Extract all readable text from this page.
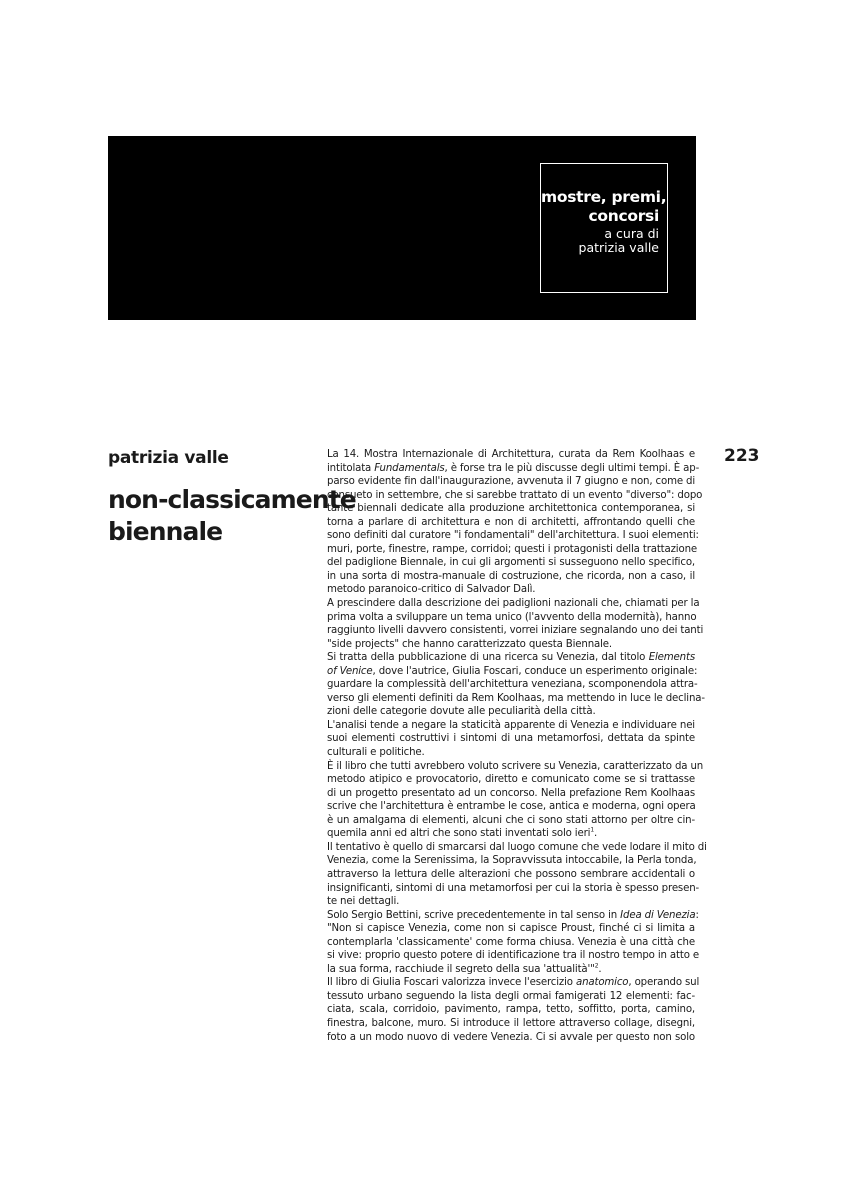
mostre, premi,
concorsi
a cura di
patrizia valle
patrizia valle
non-classicamente
biennale
223
La 14. Mostra Internazionale di Architettura, curata da Rem Koolhaas e
intitolata Fundamentals, è forse tra le più discusse degli ultimi tempi. È ap-
parso evidente fin dall'inaugurazione, avvenuta il 7 giugno e non, come di
consueto in settembre, che si sarebbe trattato di un evento "diverso": dopo
tante biennali dedicate alla produzione architettonica contemporanea, si
torna a parlare di architettura e non di architetti, affrontando quelli che
sono definiti dal curatore "i fondamentali" dell'architettura. I suoi elementi:
muri, porte, finestre, rampe, corridoi; questi i protagonisti della trattazione
del padiglione Biennale, in cui gli argomenti si susseguono nello specifico,
in una sorta di mostra-manuale di costruzione, che ricorda, non a caso, il
metodo paranoico-critico di Salvador Dalì.
A prescindere dalla descrizione dei padiglioni nazionali che, chiamati per la
prima volta a sviluppare un tema unico (l'avvento della modernità), hanno
raggiunto livelli davvero consistenti, vorrei iniziare segnalando uno dei tanti
"side projects" che hanno caratterizzato questa Biennale.
Si tratta della pubblicazione di una ricerca su Venezia, dal titolo Elements
of Venice, dove l'autrice, Giulia Foscari, conduce un esperimento originale:
guardare la complessità dell'architettura veneziana, scomponendola attra-
verso gli elementi definiti da Rem Koolhaas, ma mettendo in luce le declina-
zioni delle categorie dovute alle peculiarità della città.
L'analisi tende a negare la staticità apparente di Venezia e individuare nei
suoi elementi costruttivi i sintomi di una metamorfosi, dettata da spinte
culturali e politiche.
È il libro che tutti avrebbero voluto scrivere su Venezia, caratterizzato da un
metodo atipico e provocatorio, diretto e comunicato come se si trattasse
di un progetto presentato ad un concorso. Nella prefazione Rem Koolhaas
scrive che l'architettura è entrambe le cose, antica e moderna, ogni opera
è un amalgama di elementi, alcuni che ci sono stati attorno per oltre cin-
quemila anni ed altri che sono stati inventati solo ieri$^1$.
Il tentativo è quello di smarcarsi dal luogo comune che vede lodare il mito di
Venezia, come la Serenissima, la Sopravvissuta intoccabile, la Perla tonda,
attraverso la lettura delle alterazioni che possono sembrare accidentali o
insignificanti, sintomi di una metamorfosi per cui la storia è spesso presen-
te nei dettagli.
Solo Sergio Bettini, scrive precedentemente in tal senso in Idea di Venezia:
"Non si capisce Venezia, come non si capisce Proust, finché ci si limita a
contemplarla 'classicamente' come forma chiusa. Venezia è una città che
si vive: proprio questo potere di identificazione tra il nostro tempo in atto e
la sua forma, racchiude il segreto della sua 'attualità'"$^2$.
Il libro di Giulia Foscari valorizza invece l'esercizio anatomico, operando sul
tessuto urbano seguendo la lista degli ormai famigerati 12 elementi: fac-
ciata, scala, corridoio, pavimento, rampa, tetto, soffitto, porta, camino,
finestra, balcone, muro. Si introduce il lettore attraverso collage, disegni,
foto a un modo nuovo di vedere Venezia. Ci si avvale per questo non solo
